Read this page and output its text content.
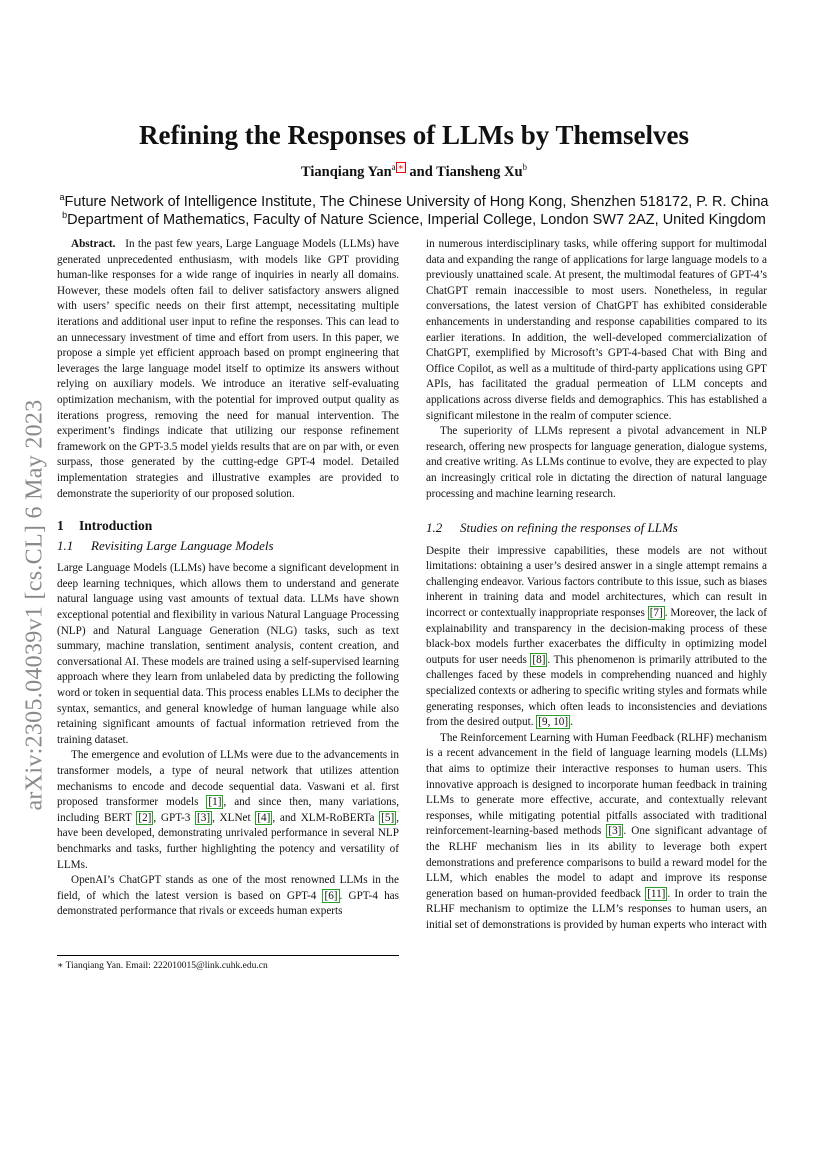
arXiv:2305.04039v1 [cs.CL] 6 May 2023
Refining the Responses of LLMs by Themselves
Tianqiang Yan$^a$ ∗ and Tiansheng Xu$^b$
$^a$Future Network of Intelligence Institute, The Chinese University of Hong Kong, Shenzhen 518172, P. R. China
$^b$Department of Mathematics, Faculty of Nature Science, Imperial College, London SW7 2AZ, United Kingdom

Abstract. In the past few years, Large Language Models (LLMs) have generated unprecedented enthusiasm, with models like GPT providing human-like responses for a wide range of inquiries in nearly all domains. However, these models often fail to deliver satisfactory answers aligned with users’ specific needs on their first attempt, necessitating multiple iterations and additional user input to refine the responses. This can lead to an unnecessary investment of time and effort from users. In this paper, we propose a simple yet efficient approach based on prompt engineering that leverages the large language model itself to optimize its answers without relying on auxiliary models. We introduce an iterative self-evaluating optimization mechanism, with the potential for improved output quality as iterations progress, removing the need for manual intervention. The experiment’s findings indicate that utilizing our response refinement framework on the GPT-3.5 model yields results that are on par with, or even surpass, those generated by the cutting-edge GPT-4 model. Detailed implementation strategies and illustrative examples are provided to demonstrate the superiority of our proposed solution.

1 Introduction
1.1 Revisiting Large Language Models

Large Language Models (LLMs) have become a significant development in deep learning techniques, which allows them to understand and generate natural language using vast amounts of textual data. LLMs have shown exceptional potential and flexibility in various Natural Language Processing (NLP) and Natural Language Generation (NLG) tasks, such as text summary, machine translation, sentiment analysis, content creation, and conversational AI. These models are trained using a self-supervised learning approach where they learn from unlabeled data by predicting the following word or token in sequential data. This process enables LLMs to decipher the syntax, semantics, and general knowledge of human language while also retaining significant amounts of factual information retrieved from the training dataset.

The emergence and evolution of LLMs were due to the advancements in transformer models, a type of neural network that utilizes attention mechanisms to encode and decode sequential data. Vaswani et al. first proposed transformer models [1] , and since then, many variations, including BERT [2] , GPT-3 [3] , XLNet [4] , and XLM-RoBERTa [5] , have been developed, demonstrating unrivaled performance in several NLP benchmarks and tasks, further highlighting the potency and versatility of LLMs.

OpenAI’s ChatGPT stands as one of the most renowned LLMs in the field, of which the latest version is based on GPT-4 [6] . GPT-4 has demonstrated performance that rivals or exceeds human experts

in numerous interdisciplinary tasks, while offering support for multimodal data and expanding the range of applications for large language models to a previously unattained scale. At present, the multimodal features of GPT-4’s ChatGPT remain inaccessible to most users. Nonetheless, in regular conversations, the latest version of ChatGPT has exhibited considerable enhancements in understanding and response capabilities compared to its earlier iterations. In addition, the well-developed commercialization of ChatGPT, exemplified by Microsoft’s GPT-4-based Chat with Bing and Office Copilot, as well as a multitude of third-party applications using GPT APIs, has facilitated the gradual permeation of LLM concepts and applications across diverse fields and demographics. This has established a significant milestone in the realm of computer science.

The superiority of LLMs represent a pivotal advancement in NLP research, offering new prospects for language generation, dialogue systems, and creative writing. As LLMs continue to evolve, they are expected to play an increasingly critical role in dictating the direction of natural language processing and machine learning research.

1.2 Studies on refining the responses of LLMs

Despite their impressive capabilities, these models are not without limitations: obtaining a user’s desired answer in a single attempt remains a challenging endeavor. Various factors contribute to this issue, such as biases inherent in training data and model architectures, which can result in incorrect or contextually inappropriate responses [7] . Moreover, the lack of explainability and transparency in the decision-making process of these black-box models further exacerbates the difficulty in optimizing model outputs for user needs [8] . This phenomenon is primarily attributed to the challenges faced by these models in comprehending nuanced and highly specialized contexts or adhering to specific writing styles and formats while generating responses, which often leads to inconsistencies and deviations from the desired output. [9, 10] .

The Reinforcement Learning with Human Feedback (RLHF) mechanism is a recent advancement in the field of language learning models (LLMs) that aims to optimize their interactive responses to human users. This innovative approach is designed to incorporate human feedback in training LLMs to generate more effective, accurate, and contextually relevant responses, while mitigating potential pitfalls associated with traditional reinforcement-learning-based methods [3] . One significant advantage of the RLHF mechanism lies in its ability to leverage both expert demonstrations and preference comparisons to build a reward model for the LLM, which enables the model to adapt and improve its response generation based on human-provided feedback [11] . In order to train the RLHF mechanism to optimize the LLM’s responses to human users, an initial set of demonstrations is provided by human experts who interact with

∗ Tianqiang Yan. Email: 222010015@link.cuhk.edu.cn
